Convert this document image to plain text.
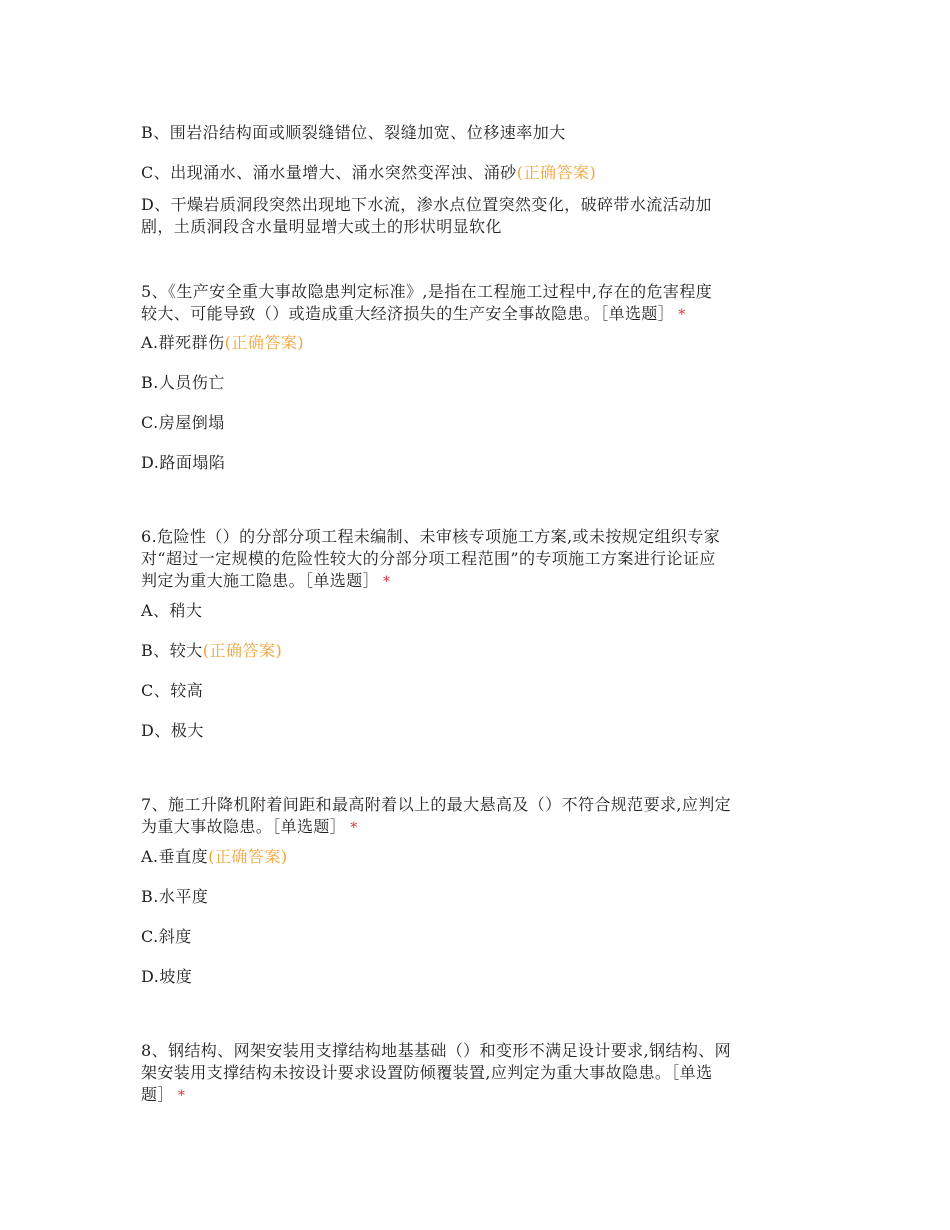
B、围岩沿结构面或顺裂缝错位、裂缝加宽、位移速率加大
C、出现涌水、涌水量增大、涌水突然变浑浊、涌砂(正确答案)
D、干燥岩质洞段突然出现地下水流，渗水点位置突然变化，破碎带水流活动加
剧，土质洞段含水量明显增大或土的形状明显软化
5、《生产安全重大事故隐患判定标准》,是指在工程施工过程中,存在的危害程度
较大、可能导致（）或造成重大经济损失的生产安全事故隐患。［单选题］ *
A.群死群伤(正确答案)
B.人员伤亡
C.房屋倒塌
D.路面塌陷
6.危险性（）的分部分项工程未编制、未审核专项施工方案,或未按规定组织专家
对“超过一定规模的危险性较大的分部分项工程范围”的专项施工方案进行论证应
判定为重大施工隐患。［单选题］ *
A、稍大
B、较大(正确答案)
C、较高
D、极大
7、施工升降机附着间距和最高附着以上的最大悬高及（）不符合规范要求,应判定
为重大事故隐患。［单选题］ *
A.垂直度(正确答案)
B.水平度
C.斜度
D.坡度
8、钢结构、网架安装用支撑结构地基基础（）和变形不满足设计要求,钢结构、网
架安装用支撑结构未按设计要求设置防倾覆装置,应判定为重大事故隐患。［单选
题］ *
